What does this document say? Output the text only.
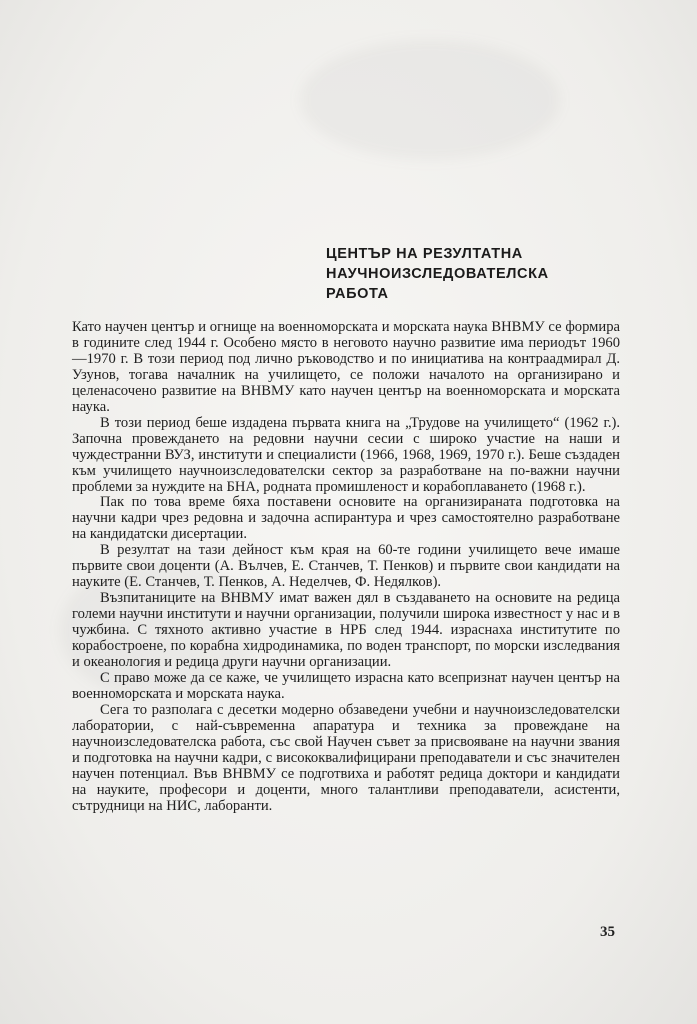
ЦЕНТЪР НА РЕЗУЛТАТНА
НАУЧНОИЗСЛЕДОВАТЕЛСКА
РАБОТА

Като научен център и огнище на военноморската и морската наука ВНВМУ се формира в годините след 1944 г. Особено място в неговото научно развитие има периодът 1960—1970 г. В този период под лично ръководство и по инициатива на контраадмирал Д. Узунов, тогава началник на училището, се положи началото на организирано и целенасочено развитие на ВНВМУ като научен център на военноморската и морската наука.

В този период беше издадена първата книга на „Трудове на училището“ (1962 г.). Започна провеждането на редовни научни сесии с широко участие на наши и чуждестранни ВУЗ, институти и специалисти (1966, 1968, 1969, 1970 г.). Беше създаден към училището научноизследователски сектор за разработване на по-важни научни проблеми за нуждите на БНА, родната промишленост и корабоплаването (1968 г.).

Пак по това време бяха поставени основите на организираната подготовка на научни кадри чрез редовна и задочна аспирантура и чрез самостоятелно разработване на кандидатски дисертации.

В резултат на тази дейност към края на 60-те години училището вече имаше първите свои доценти (А. Вълчев, Е. Станчев, Т. Пенков) и първите свои кандидати на науките (Е. Станчев, Т. Пенков, А. Неделчев, Ф. Недялков).

Възпитаниците на ВНВМУ имат важен дял в създаването на основите на редица големи научни институти и научни организации, получили широка известност у нас и в чужбина. С тяхното активно участие в НРБ след 1944. израснаха институтите по корабостроене, по корабна хидродинамика, по воден транспорт, по морски изследвания и океанология и редица други научни организации.

С право може да се каже, че училището израсна като всепризнат научен център на военноморската и морската наука.

Сега то разполага с десетки модерно обзаведени учебни и научноизследователски лаборатории, с най-съвременна апаратура и техника за провеждане на научноизследователска работа, със свой Научен съвет за присвояване на научни звания и подготовка на научни кадри, с висококвалифицирани преподаватели и със значителен научен потенциал. Във ВНВМУ се подготвиха и работят редица доктори и кандидати на науките, професори и доценти, много талантливи преподаватели, асистенти, сътрудници на НИС, лаборанти.

35
